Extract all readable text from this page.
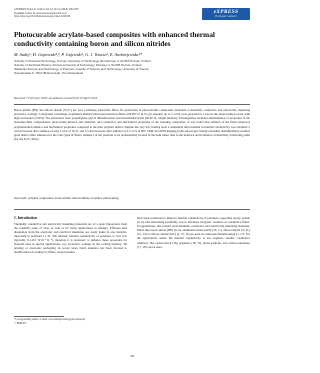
eXPRESS Polymer Letters Vol.12, No.9 (2018) 790–807
Available online at www.expresspolymlett.com
https://doi.org/10.3144/expresspolymlett.2018.68
eXPRESS
Polymer Letters
Photocurable acrylate-based composites with enhanced thermal conductivity containing boron and silicon nitrides
M. Sadej¹, H. Gojzewski²,³, P. Gajewski¹, G. J. Vancso², E. Andrzejewska¹*
¹Faculty of Chemical Technology, Poznan University of Technology, Berdychowo 4, 60-965 Poznan, Poland
²Faculty of Technical Physics, Poznan University of Technology, Piotrowo 3, 60-965 Poznan, Poland
³Materials Science and Technology of Polymers, Faculty of Science and Technology, University of Twente,
Drienerlolaan 5, 7522 NB Enschede, The Netherlands
Received 7 February 2018; accepted in revised form 10 April 2018
Boron nitride (BN) and silicon nitride (Si₃N₄) are very promising particulate fillers for production of photocurable composites dedicated to thermally conductive and electrically insulating protective coatings. Composites containing crosslinked methacrylate-based matrices filled with BN or Si₃N₄ (in amounts up to 5 wt%) were prepared in a fast in situ photocuring process with high conversion (>90%). The monomers were polyethylene glycol dimethacrylate and monomethacrylate (50/50 by weight mixture). Investigations included determination of properties of the monomer-filler compositions, photocuring kinetics and chemical, and conductive and mechanical properties of the resulting composites. It was found that addition of the fillers improves polymerization kinetics and mechanical properties compared to the pure polymer matrix. Despite the very low loading level a substantial improvement in thermal conductivity was obtained: a 4-fold increase after addition of only 2 wt% of Si₃N₄ and 2.5-fold increase after addition of 0.5 wt% of BN. SEM and AFM imaging (with nanoscopic Young's modulus determination) revealed good matrix-filler adhesion for the both types of fillers, tendency of the particles to be preferentially located in the bulk rather than at the interface and formation of thermally conducting paths (for the Si₃N₄ filler).
Keywords: polymer composites, boron nitride, silicon nitride, acrylates, photocuring
1. Introduction
Thermally conductive and electrically insulating materials are of a great importance from the scientific point of view, as well as for many applications in industry. Efficient heat dissipation from the electronic and electrical insulation are rarely found in one material, especially in polymers [1–3]. The intrinsic thermal conductivity of polymers is very low (typically 0.1–0.5 W·m⁻¹·K⁻¹), therefore it is necessary to enhance these properties for material used in special applications, e.g. protective coatings in the coating industry, 3D printing or electronic packaging. In recent years much attention has been devoted to modification of coatings by fillers, several studies
have been conducted to improve thermal conductivity of polymers, especially epoxy system [4–6]. One interesting possibility was to introduce inorganic ceramics as conductive fillers. In applications, that require both thermally conductive and electrically insulating materials, fillers like boron nitride (BN) [6–9], aluminum nitride (AlN) [10, 11], silicon nitride (Si₃N₄) [12–14] or silicon carbide (SiC) [2, 15, 16] are used in composite manufacturing [2, 17]. For the applications where the thermal conductivity is not required, another conductive additives, like carbon black [18], graphene [18, 19], metal particles, and carbon nanotubes [17, 18] can be used.
*Corresponding author, e-mail: ewa.andrzejewska@put.poznan.pl
© BME-PT
790
